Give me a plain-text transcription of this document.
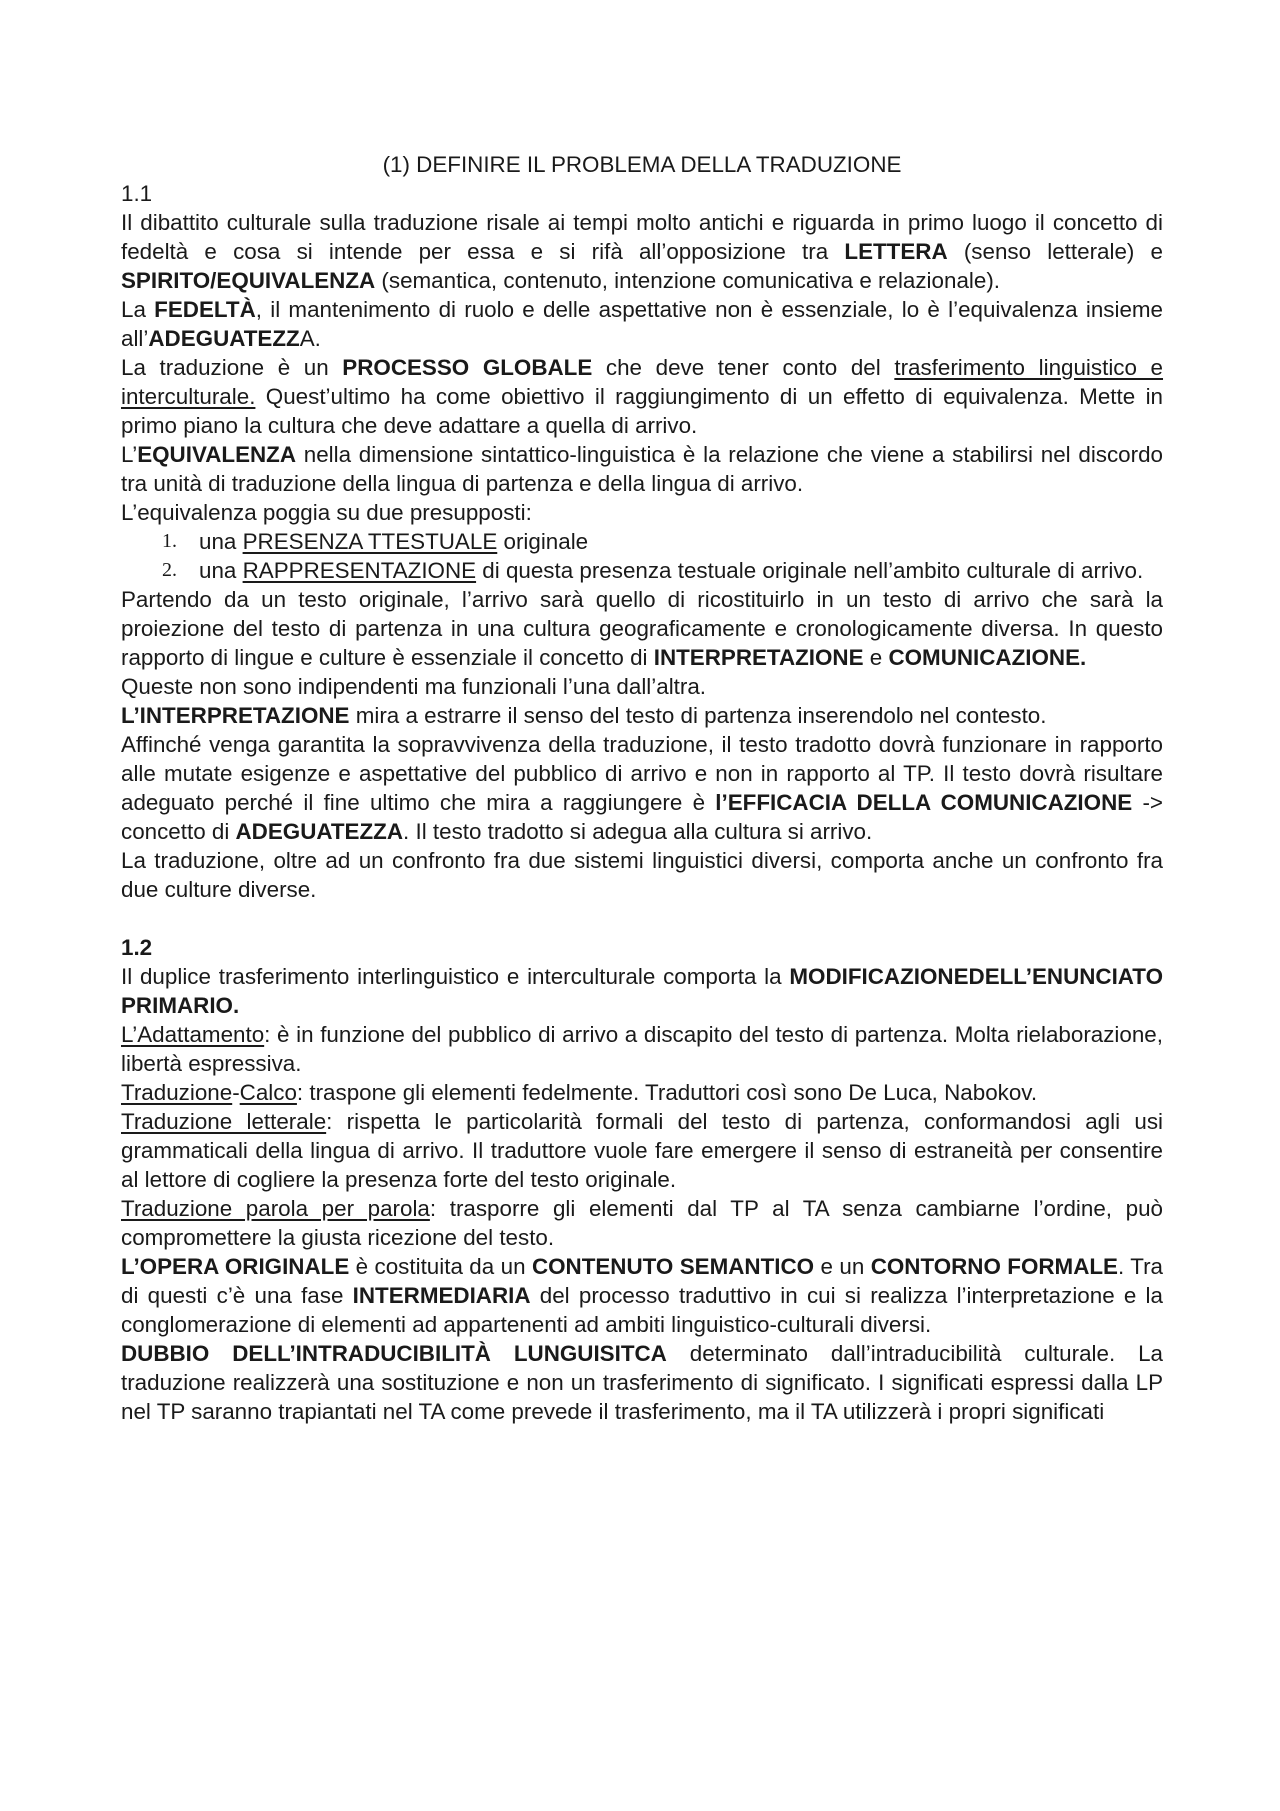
(1) DEFINIRE IL PROBLEMA DELLA TRADUZIONE

1.1

Il dibattito culturale sulla traduzione risale ai tempi molto antichi e riguarda in primo luogo il concetto di fedeltà e cosa si intende per essa e si rifà all’opposizione tra LETTERA (senso letterale) e SPIRITO/EQUIVALENZA (semantica, contenuto, intenzione comunicativa e relazionale).

La FEDELTÀ, il mantenimento di ruolo e delle aspettative non è essenziale, lo è l’equivalenza insieme all’ADEGUATEZZA.

La traduzione è un PROCESSO GLOBALE che deve tener conto del trasferimento linguistico e interculturale. Quest’ultimo ha come obiettivo il raggiungimento di un effetto di equivalenza. Mette in primo piano la cultura che deve adattare a quella di arrivo.

L’EQUIVALENZA nella dimensione sintattico-linguistica è la relazione che viene a stabilirsi nel discordo tra unità di traduzione della lingua di partenza e della lingua di arrivo.

L’equivalenza poggia su due presupposti:

una PRESENZA TTESTUALE originale
una RAPPRESENTAZIONE di questa presenza testuale originale nell’ambito culturale di arrivo.

Partendo da un testo originale, l’arrivo sarà quello di ricostituirlo in un testo di arrivo che sarà la proiezione del testo di partenza in una cultura geograficamente e cronologicamente diversa. In questo rapporto di lingue e culture è essenziale il concetto di INTERPRETAZIONE e COMUNICAZIONE.

Queste non sono indipendenti ma funzionali l’una dall’altra.

L’INTERPRETAZIONE mira a estrarre il senso del testo di partenza inserendolo nel contesto.

Affinché venga garantita la sopravvivenza della traduzione, il testo tradotto dovrà funzionare in rapporto alle mutate esigenze e aspettative del pubblico di arrivo e non in rapporto al TP. Il testo dovrà risultare adeguato perché il fine ultimo che mira a raggiungere è l’EFFICACIA DELLA COMUNICAZIONE -> concetto di ADEGUATEZZA. Il testo tradotto si adegua alla cultura si arrivo.

La traduzione, oltre ad un confronto fra due sistemi linguistici diversi, comporta anche un confronto fra due culture diverse.

1.2

Il duplice trasferimento interlinguistico e interculturale comporta la MODIFICAZIONEDELL’ENUNCIATO PRIMARIO.

L’Adattamento: è in funzione del pubblico di arrivo a discapito del testo di partenza. Molta rielaborazione, libertà espressiva.

Traduzione-Calco: traspone gli elementi fedelmente. Traduttori così sono De Luca, Nabokov.

Traduzione letterale: rispetta le particolarità formali del testo di partenza, conformandosi agli usi grammaticali della lingua di arrivo. Il traduttore vuole fare emergere il senso di estraneità per consentire al lettore di cogliere la presenza forte del testo originale.

Traduzione parola per parola: trasporre gli elementi dal TP al TA senza cambiarne l’ordine, può compromettere la giusta ricezione del testo.

L’OPERA ORIGINALE è costituita da un CONTENUTO SEMANTICO e un CONTORNO FORMALE. Tra di questi c’è una fase INTERMEDIARIA del processo traduttivo in cui si realizza l’interpretazione e la conglomerazione di elementi ad appartenenti ad ambiti linguistico-culturali diversi.

DUBBIO DELL’INTRADUCIBILITÀ LUNGUISITCA determinato dall’intraducibilità culturale. La traduzione realizzerà una sostituzione e non un trasferimento di significato. I significati espressi dalla LP nel TP saranno trapiantati nel TA come prevede il trasferimento, ma il TA utilizzerà i propri significati
